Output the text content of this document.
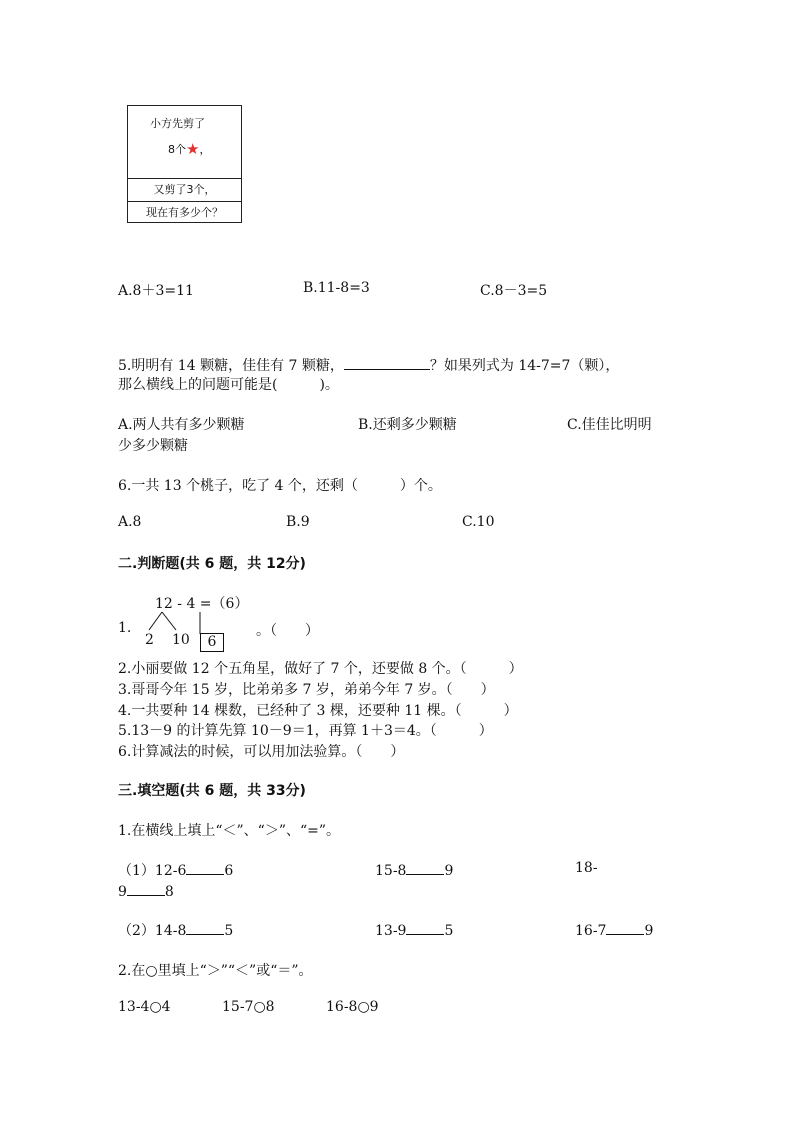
小方先剪了
8个★，
又剪了3个，
现在有多少个？
A.8＋3=11	B.11-8=3	C.8－3=5
5.明明有 14 颗糖，佳佳有 7 颗糖，	？如果列式为 14-7=7（颗），
那么横线上的问题可能是(　　　)。
A.两人共有多少颗糖	B.还剩多少颗糖	C.佳佳比明明
少多少颗糖
6.一共 13 个桃子，吃了 4 个，还剩（　　　）个。
A.8	B.9	C.10
二.判断题(共 6 题，共 12分)
12 - 4 =（6）
1.
2 10	6
。（　　）
2.小丽要做 12 个五角星，做好了 7 个，还要做 8 个。（　　　）
3.哥哥今年 15 岁，比弟弟多 7 岁，弟弟今年 7 岁。（　　）
4.一共要种 14 棵数，已经种了 3 棵，还要种 11 棵。（　　　）
5.13－9 的计算先算 10－9＝1，再算 1＋3＝4。（　　　）
6.计算减法的时候，可以用加法验算。（　　）
三.填空题(共 6 题，共 33分)
1.在横线上填上“＜”、“＞”、“=”。
（1）12-6	6	15-8	9	18-
9	8
（2）14-8	5	13-9	5	16-7	9
2.在○里填上“＞”“＜”或“＝”。
13-4○4	15-7○8	16-8○9
